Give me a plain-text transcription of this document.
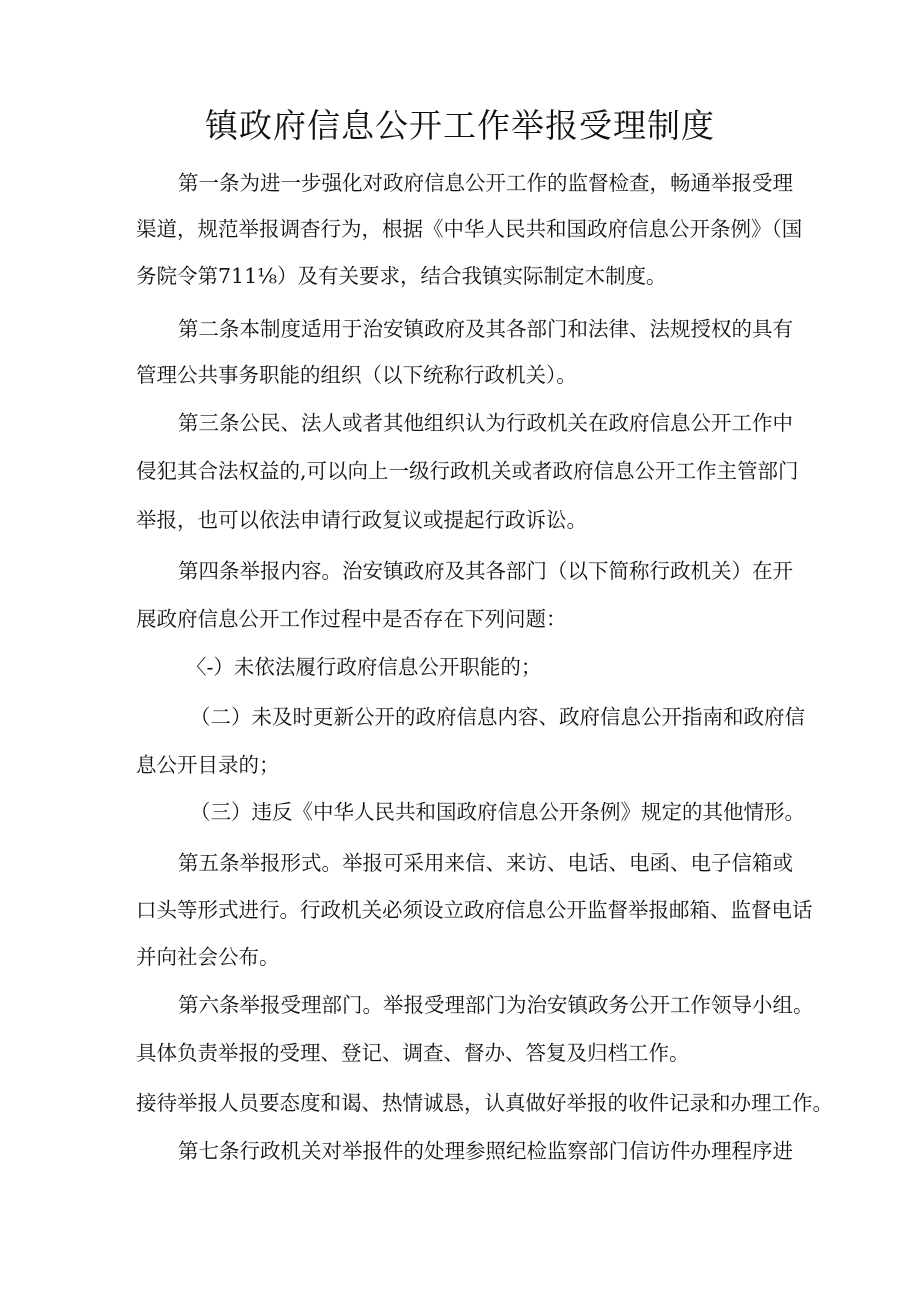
镇政府信息公开工作举报受理制度
第一条为进一步强化对政府信息公开工作的监督检查，畅通举报受理
渠道，规范举报调杳行为，根据《中华人民共和国政府信息公开条例》（国
务院令第711⅛）及有关要求，结合我镇实际制定木制度。
第二条本制度适用于治安镇政府及其各部门和法律、法规授权的具有
管理公共事务职能的组织（以下统称行政机关）。
第三条公民、法人或者其他组织认为行政机关在政府信息公开工作中
侵犯其合法权益的,可以向上一级行政机关或者政府信息公开工作主管部门
举报，也可以依法申请行政复议或提起行政诉讼。
第四条举报内容。治安镇政府及其各部门（以下简称行政机关）在开
展政府信息公开工作过程中是否存在下列问题：
〈-）未依法履行政府信息公开职能的；
（二）未及时更新公开的政府信息内容、政府信息公开指南和政府信
息公开目录的；
（三）违反《中华人民共和国政府信息公开条例》规定的其他情形。
第五条举报形式。举报可采用来信、来访、电话、电函、电子信箱或
口头等形式进行。行政机关必须设立政府信息公开监督举报邮箱、监督电话
并向社会公布。
第六条举报受理部门。举报受理部门为治安镇政务公开工作领导小组。
具体负责举报的受理、登记、调查、督办、答复及归档工作。
接待举报人员要态度和谒、热情诚恳，认真做好举报的收件记录和办理工作。
第七条行政机关对举报件的处理参照纪检监察部门信访件办理程序进
